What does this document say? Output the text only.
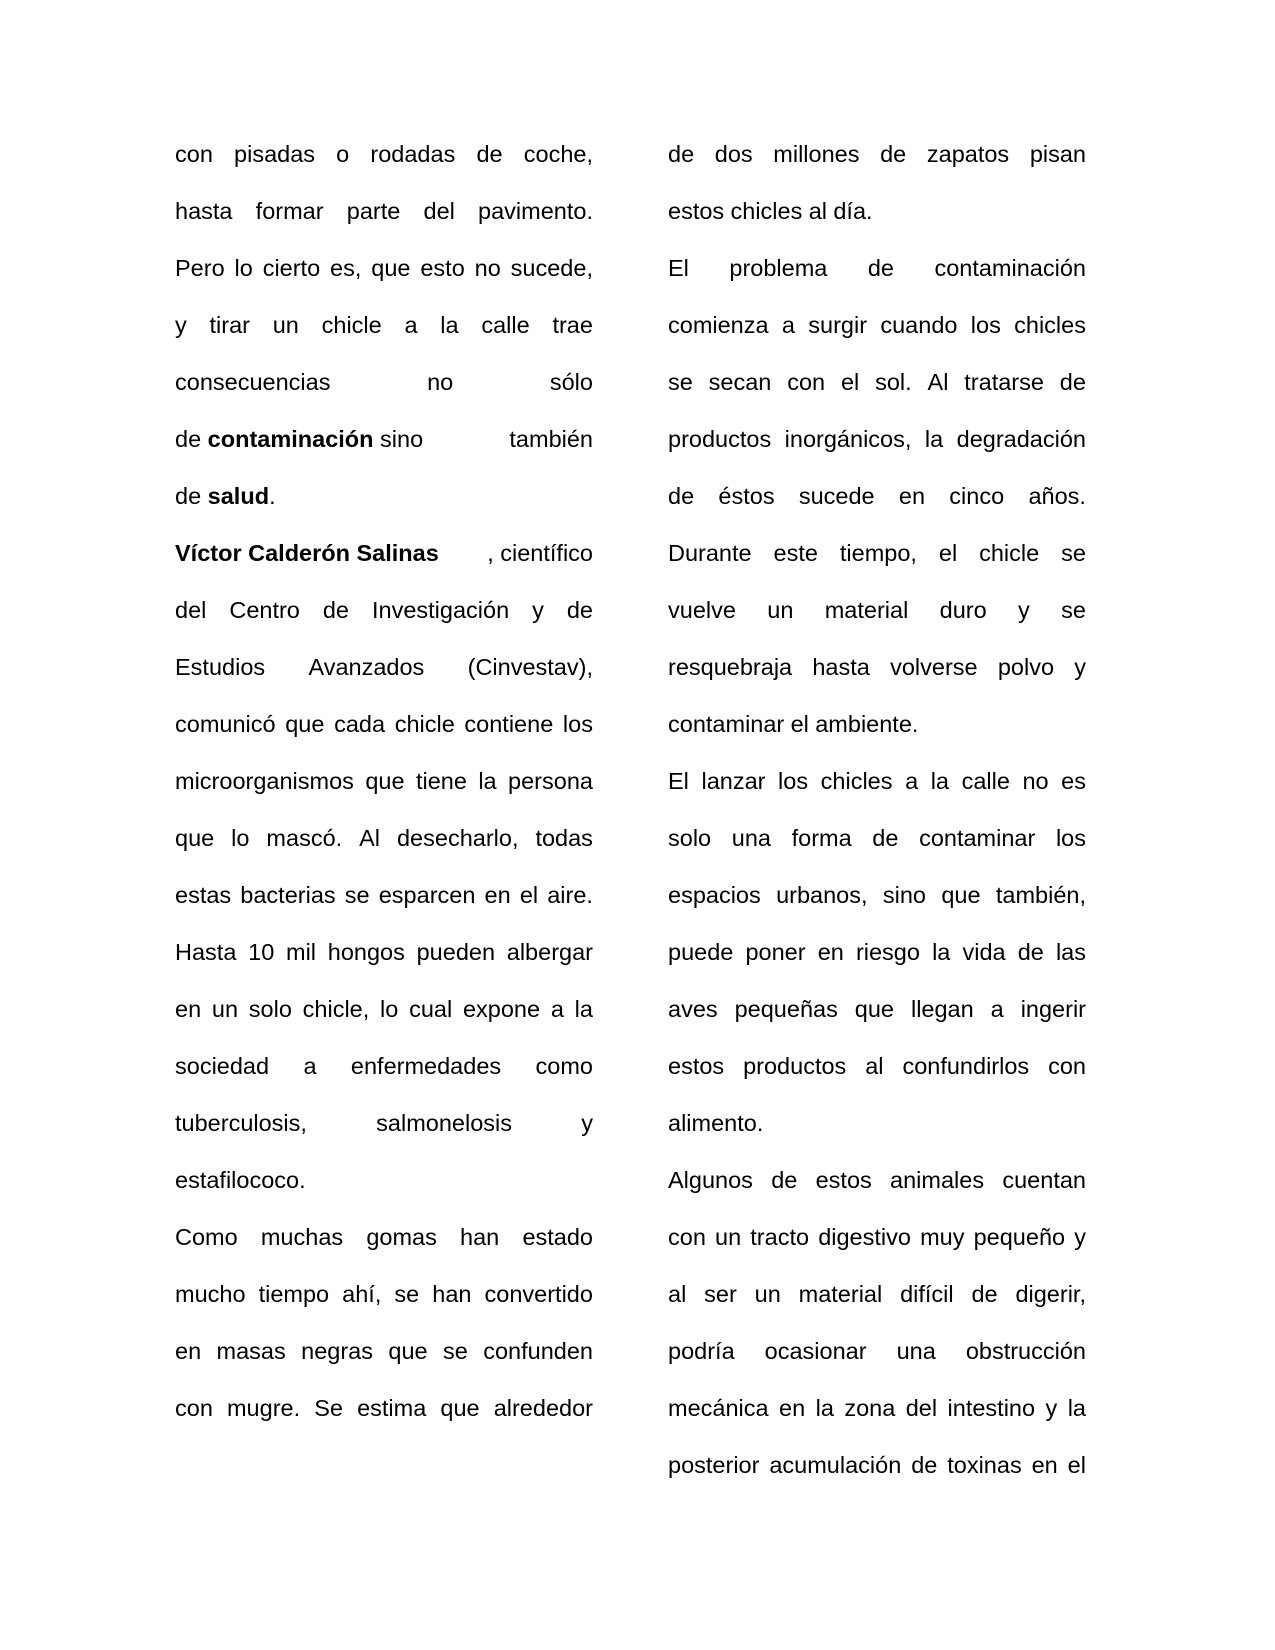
con pisadas o rodadas de coche,
hasta formar parte del pavimento.
Pero lo cierto es, que esto no sucede,
y tirar un chicle a la calle trae
consecuencias	no	sólo
de contaminación sino	también
de salud.
Víctor Calderón Salinas , científico
del Centro de Investigación y de
Estudios Avanzados (Cinvestav),
comunicó que cada chicle contiene los
microorganismos que tiene la persona
que lo mascó. Al desecharlo, todas
estas bacterias se esparcen en el aire.
Hasta 10 mil hongos pueden albergar
en un solo chicle, lo cual expone a la
sociedad a enfermedades como
tuberculosis,	salmonelosis	y
estafilococo.
Como muchas gomas han estado
mucho tiempo ahí, se han convertido
en masas negras que se confunden
con mugre. Se estima que alrededor
de dos millones de zapatos pisan
estos chicles al día.
El problema de contaminación
comienza a surgir cuando los chicles
se secan con el sol. Al tratarse de
productos inorgánicos, la degradación
de éstos sucede en cinco años.
Durante este tiempo, el chicle se
vuelve un material duro y se
resquebraja hasta volverse polvo y
contaminar el ambiente.
El lanzar los chicles a la calle no es
solo una forma de contaminar los
espacios urbanos, sino que también,
puede poner en riesgo la vida de las
aves pequeñas que llegan a ingerir
estos productos al confundirlos con
alimento.
Algunos de estos animales cuentan
con un tracto digestivo muy pequeño y
al ser un material difícil de digerir,
podría ocasionar una obstrucción
mecánica en la zona del intestino y la
posterior acumulación de toxinas en el
